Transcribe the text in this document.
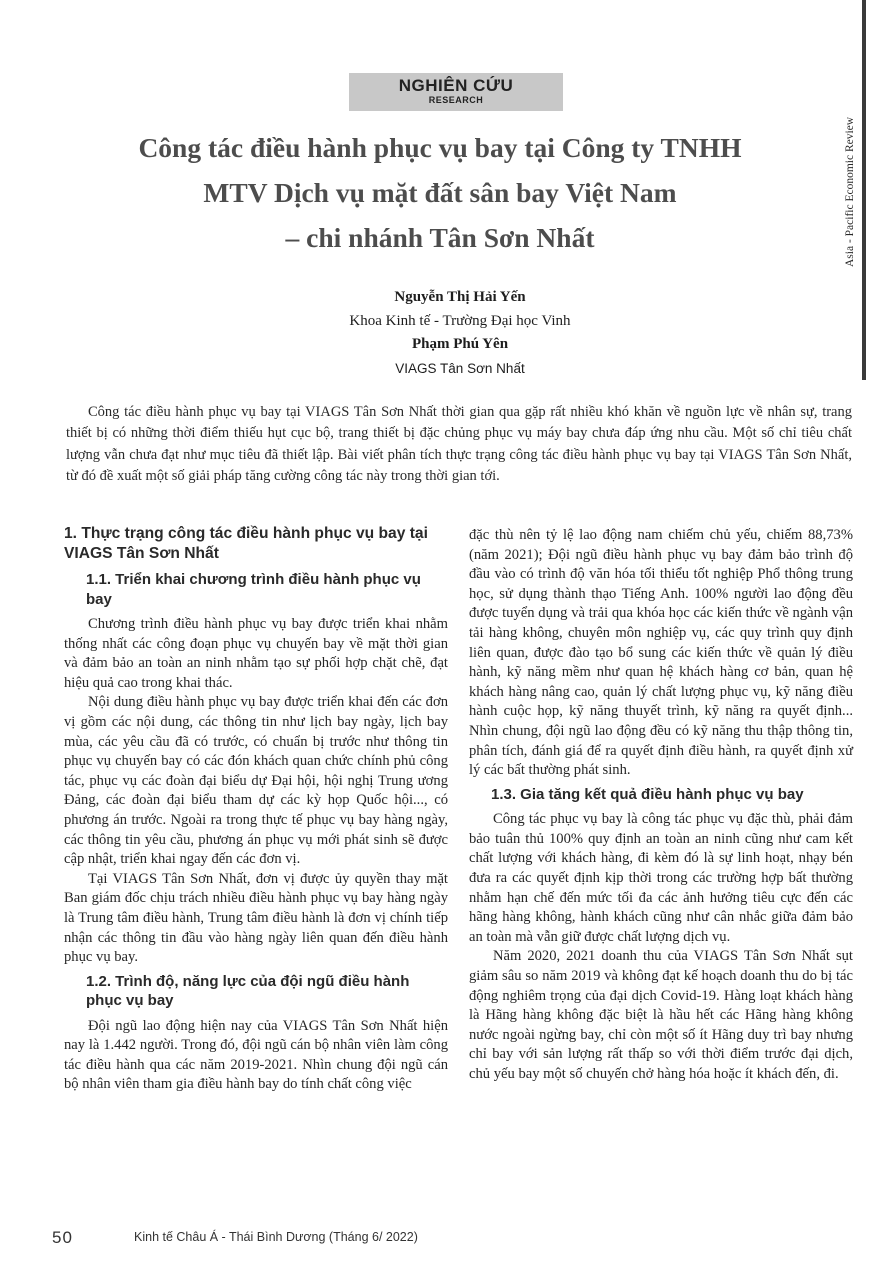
Asia - Pacific Economic Review
NGHIÊN CỨU
RESEARCH
Công tác điều hành phục vụ bay tại Công ty TNHH
MTV Dịch vụ mặt đất sân bay Việt Nam
– chi nhánh Tân Sơn Nhất
Nguyễn Thị Hải Yến
Khoa Kinh tế - Trường Đại học Vinh
Phạm Phú Yên
VIAGS Tân Sơn Nhất
Công tác điều hành phục vụ bay tại VIAGS Tân Sơn Nhất thời gian qua gặp rất nhiều khó khăn về nguồn lực về nhân sự, trang thiết bị có những thời điểm thiếu hụt cục bộ, trang thiết bị đặc chủng phục vụ máy bay chưa đáp ứng nhu cầu. Một số chỉ tiêu chất lượng vẫn chưa đạt như mục tiêu đã thiết lập. Bài viết phân tích thực trạng công tác điều hành phục vụ bay tại VIAGS Tân Sơn Nhất, từ đó đề xuất một số giải pháp tăng cường công tác này trong thời gian tới.
1. Thực trạng công tác điều hành phục vụ bay tại VIAGS Tân Sơn Nhất
1.1. Triển khai chương trình điều hành phục vụ bay

Chương trình điều hành phục vụ bay được triển khai nhằm thống nhất các công đoạn phục vụ chuyến bay về mặt thời gian và đảm bảo an toàn an ninh nhằm tạo sự phối hợp chặt chẽ, đạt hiệu quả cao trong khai thác.

Nội dung điều hành phục vụ bay được triển khai đến các đơn vị gồm các nội dung, các thông tin như lịch bay ngày, lịch bay mùa, các yêu cầu đã có trước, có chuẩn bị trước như thông tin phục vụ chuyến bay có các đón khách quan chức chính phủ công tác, phục vụ các đoàn đại biểu dự Đại hội, hội nghị Trung ương Đảng, các đoàn đại biểu tham dự các kỳ họp Quốc hội..., có phương án trước. Ngoài ra trong thực tế phục vụ bay hàng ngày, các thông tin yêu cầu, phương án phục vụ mới phát sinh sẽ được cập nhật, triển khai ngay đến các đơn vị.

Tại VIAGS Tân Sơn Nhất, đơn vị được ủy quyền thay mặt Ban giám đốc chịu trách nhiều điều hành phục vụ bay hàng ngày là Trung tâm điều hành, Trung tâm điều hành là đơn vị chính tiếp nhận các thông tin đầu vào hàng ngày liên quan đến điều hành phục vụ bay.

1.2. Trình độ, năng lực của đội ngũ điều hành phục vụ bay

Đội ngũ lao động hiện nay của VIAGS Tân Sơn Nhất hiện nay là 1.442 người. Trong đó, đội ngũ cán bộ nhân viên làm công tác điều hành qua các năm 2019-2021. Nhìn chung đội ngũ cán bộ nhân viên tham gia điều hành bay do tính chất công việc

đặc thù nên tỷ lệ lao động nam chiếm chủ yếu, chiếm 88,73% (năm 2021); Đội ngũ điều hành phục vụ bay đảm bảo trình độ đầu vào có trình độ văn hóa tối thiểu tốt nghiệp Phổ thông trung học, sử dụng thành thạo Tiếng Anh. 100% người lao động đều được tuyển dụng và trải qua khóa học các kiến thức về ngành vận tải hàng không, chuyên môn nghiệp vụ, các quy trình quy định liên quan, được đào tạo bổ sung các kiến thức về quản lý điều hành, kỹ năng mềm như quan hệ khách hàng cơ bản, quan hệ khách hàng nâng cao, quản lý chất lượng phục vụ, kỹ năng điều hành cuộc họp, kỹ năng thuyết trình, kỹ năng ra quyết định... Nhìn chung, đội ngũ lao động đều có kỹ năng thu thập thông tin, phân tích, đánh giá để ra quyết định điều hành, ra quyết định xử lý các bất thường phát sinh.

1.3. Gia tăng kết quả điều hành phục vụ bay

Công tác phục vụ bay là công tác phục vụ đặc thù, phải đảm bảo tuân thủ 100% quy định an toàn an ninh cũng như cam kết chất lượng với khách hàng, đi kèm đó là sự linh hoạt, nhạy bén đưa ra các quyết định kịp thời trong các trường hợp bất thường nhằm hạn chế đến mức tối đa các ảnh hưởng tiêu cực đến các hãng hàng không, hành khách cũng như cân nhắc giữa đảm bảo an toàn mà vẫn giữ được chất lượng dịch vụ.

Năm 2020, 2021 doanh thu của VIAGS Tân Sơn Nhất sụt giảm sâu so năm 2019 và không đạt kế hoạch doanh thu do bị tác động nghiêm trọng của đại dịch Covid-19. Hàng loạt khách hàng là Hãng hàng không đặc biệt là hầu hết các Hãng hàng không nước ngoài ngừng bay, chỉ còn một số ít Hãng duy trì bay nhưng chỉ bay với sản lượng rất thấp so với thời điểm trước đại dịch, chủ yếu bay một số chuyến chở hàng hóa hoặc ít khách đến, đi.

50	Kinh tế Châu Á - Thái Bình Dương (Tháng 6/ 2022)
